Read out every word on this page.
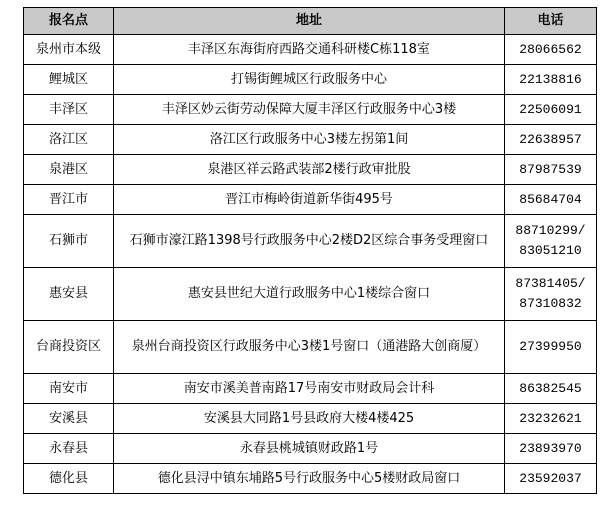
报名点	地址	电话
泉州市本级	丰泽区东海街府西路交通科研楼C栋118室	28066562
鲤城区	打锡街鲤城区行政服务中心	22138816
丰泽区	丰泽区妙云街劳动保障大厦丰泽区行政服务中心3楼	22506091
洛江区	洛江区行政服务中心3楼左拐第1间	22638957
泉港区	泉港区祥云路武装部2楼行政审批股	87987539
晋江市	晋江市梅岭街道新华街495号	85684704
石狮市	石狮市濠江路1398号行政服务中心2楼D2区综合事务受理窗口	88710299/
83051210
惠安县	惠安县世纪大道行政服务中心1楼综合窗口	87381405/
87310832
台商投资区	泉州台商投资区行政服务中心3楼1号窗口（通港路大创商厦）	27399950
南安市	南安市溪美普南路17号南安市财政局会计科	86382545
安溪县	安溪县大同路1号县政府大楼4楼425	23232621
永春县	永春县桃城镇财政路1号	23893970
德化县	德化县浔中镇东埔路5号行政服务中心5楼财政局窗口	23592037
